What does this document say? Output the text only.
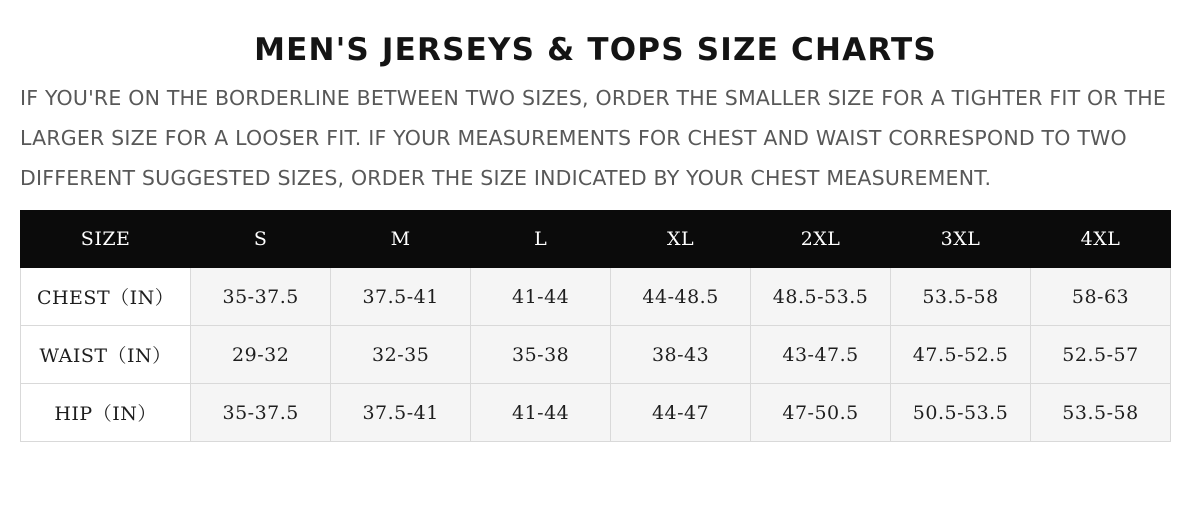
MEN'S JERSEYS & TOPS SIZE CHARTS

IF YOU'RE ON THE BORDERLINE BETWEEN TWO SIZES, ORDER THE SMALLER SIZE FOR A TIGHTER FIT OR THE LARGER SIZE FOR A LOOSER FIT. IF YOUR MEASUREMENTS FOR CHEST AND WAIST CORRESPOND TO TWO DIFFERENT SUGGESTED SIZES, ORDER THE SIZE INDICATED BY YOUR CHEST MEASUREMENT.

SIZE	S	M	L	XL	2XL	3XL	4XL
CHEST（IN）	35-37.5	37.5-41	41-44	44-48.5	48.5-53.5	53.5-58	58-63
WAIST（IN）	29-32	32-35	35-38	38-43	43-47.5	47.5-52.5	52.5-57
HIP（IN）	35-37.5	37.5-41	41-44	44-47	47-50.5	50.5-53.5	53.5-58
